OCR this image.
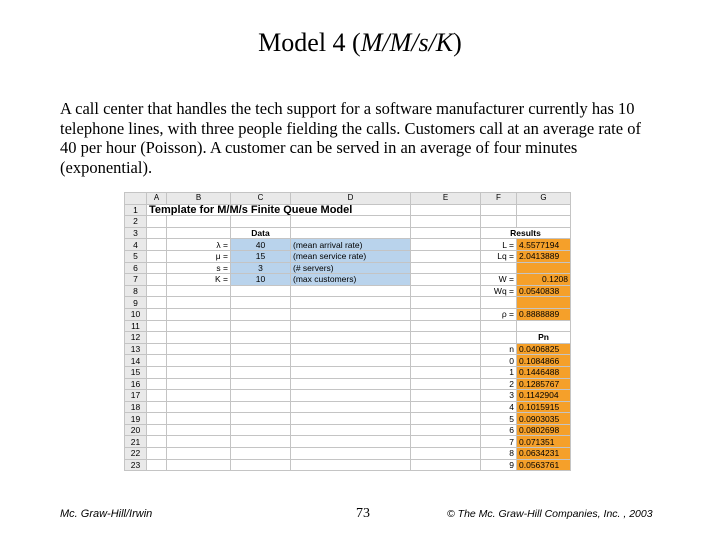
Model 4 (M/M/s/K)
A call center that handles the tech support for a software manufacturer currently has 10 telephone lines, with three people fielding the calls. Customers call at an average rate of 40 per hour (Poisson). A customer can be served in an average of four minutes (exponential).
	A	B	C	D	E	F	G
1	Template for M/M/s Finite Queue Model						
2							
3			Data			Results	
4		λ =	40	(mean arrival rate)		L =	4.5577194
5		μ =	15	(mean service rate)		Lq =	2.0413889
6		s =	3	(# servers)			
7		K =	10	(max customers)		W =	0.1208
8						Wq =	0.0540838
9							
10						ρ =	0.8888889
11							
12							Pn
13						n	0.0406825
14						0	0.1084866
15						1	0.1446488
16						2	0.1285767
17						3	0.1142904
18						4	0.1015915
19						5	0.0903035
20						6	0.0802698
21						7	0.071351
22						8	0.0634231
23						9	0.0563761
Mc. Graw-Hill/Irwin	73	© The Mc. Graw-Hill Companies, Inc. , 2003
